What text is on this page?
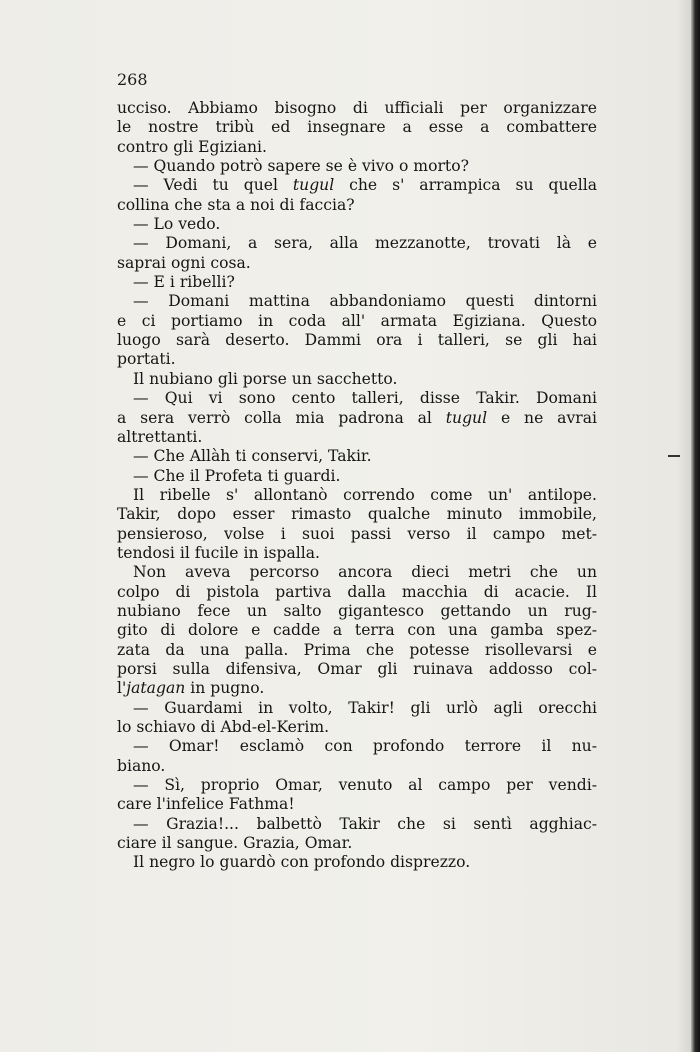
268
ucciso. Abbiamo bisogno di ufficiali per organizzare
le nostre tribù ed insegnare a esse a combattere
contro gli Egiziani.
— Quando potrò sapere se è vivo o morto?
— Vedi tu quel tugul che s' arrampica su quella
collina che sta a noi di faccia?
— Lo vedo.
— Domani, a sera, alla mezzanotte, trovati là e
saprai ogni cosa.
— E i ribelli?
— Domani mattina abbandoniamo questi dintorni
e ci portiamo in coda all' armata Egiziana. Questo
luogo sarà deserto. Dammi ora i talleri, se gli hai
portati.
Il nubiano gli porse un sacchetto.
— Qui vi sono cento talleri, disse Takir. Domani
a sera verrò colla mia padrona al tugul e ne avrai
altrettanti.
— Che Allàh ti conservi, Takir.
— Che il Profeta ti guardi.
Il ribelle s' allontanò correndo come un' antilope.
Takir, dopo esser rimasto qualche minuto immobile,
pensieroso, volse i suoi passi verso il campo met-
tendosi il fucile in ispalla.
Non aveva percorso ancora dieci metri che un
colpo di pistola partiva dalla macchia di acacie. Il
nubiano fece un salto gigantesco gettando un rug-
gito di dolore e cadde a terra con una gamba spez-
zata da una palla. Prima che potesse risollevarsi e
porsi sulla difensiva, Omar gli ruinava addosso col-
l'jatagan in pugno.
— Guardami in volto, Takir! gli urlò agli orecchi
lo schiavo di Abd-el-Kerim.
— Omar! esclamò con profondo terrore il nu-
biano.
— Sì, proprio Omar, venuto al campo per vendi-
care l'infelice Fathma!
— Grazia!... balbettò Takir che si sentì agghiac-
ciare il sangue. Grazia, Omar.
Il negro lo guardò con profondo disprezzo.
